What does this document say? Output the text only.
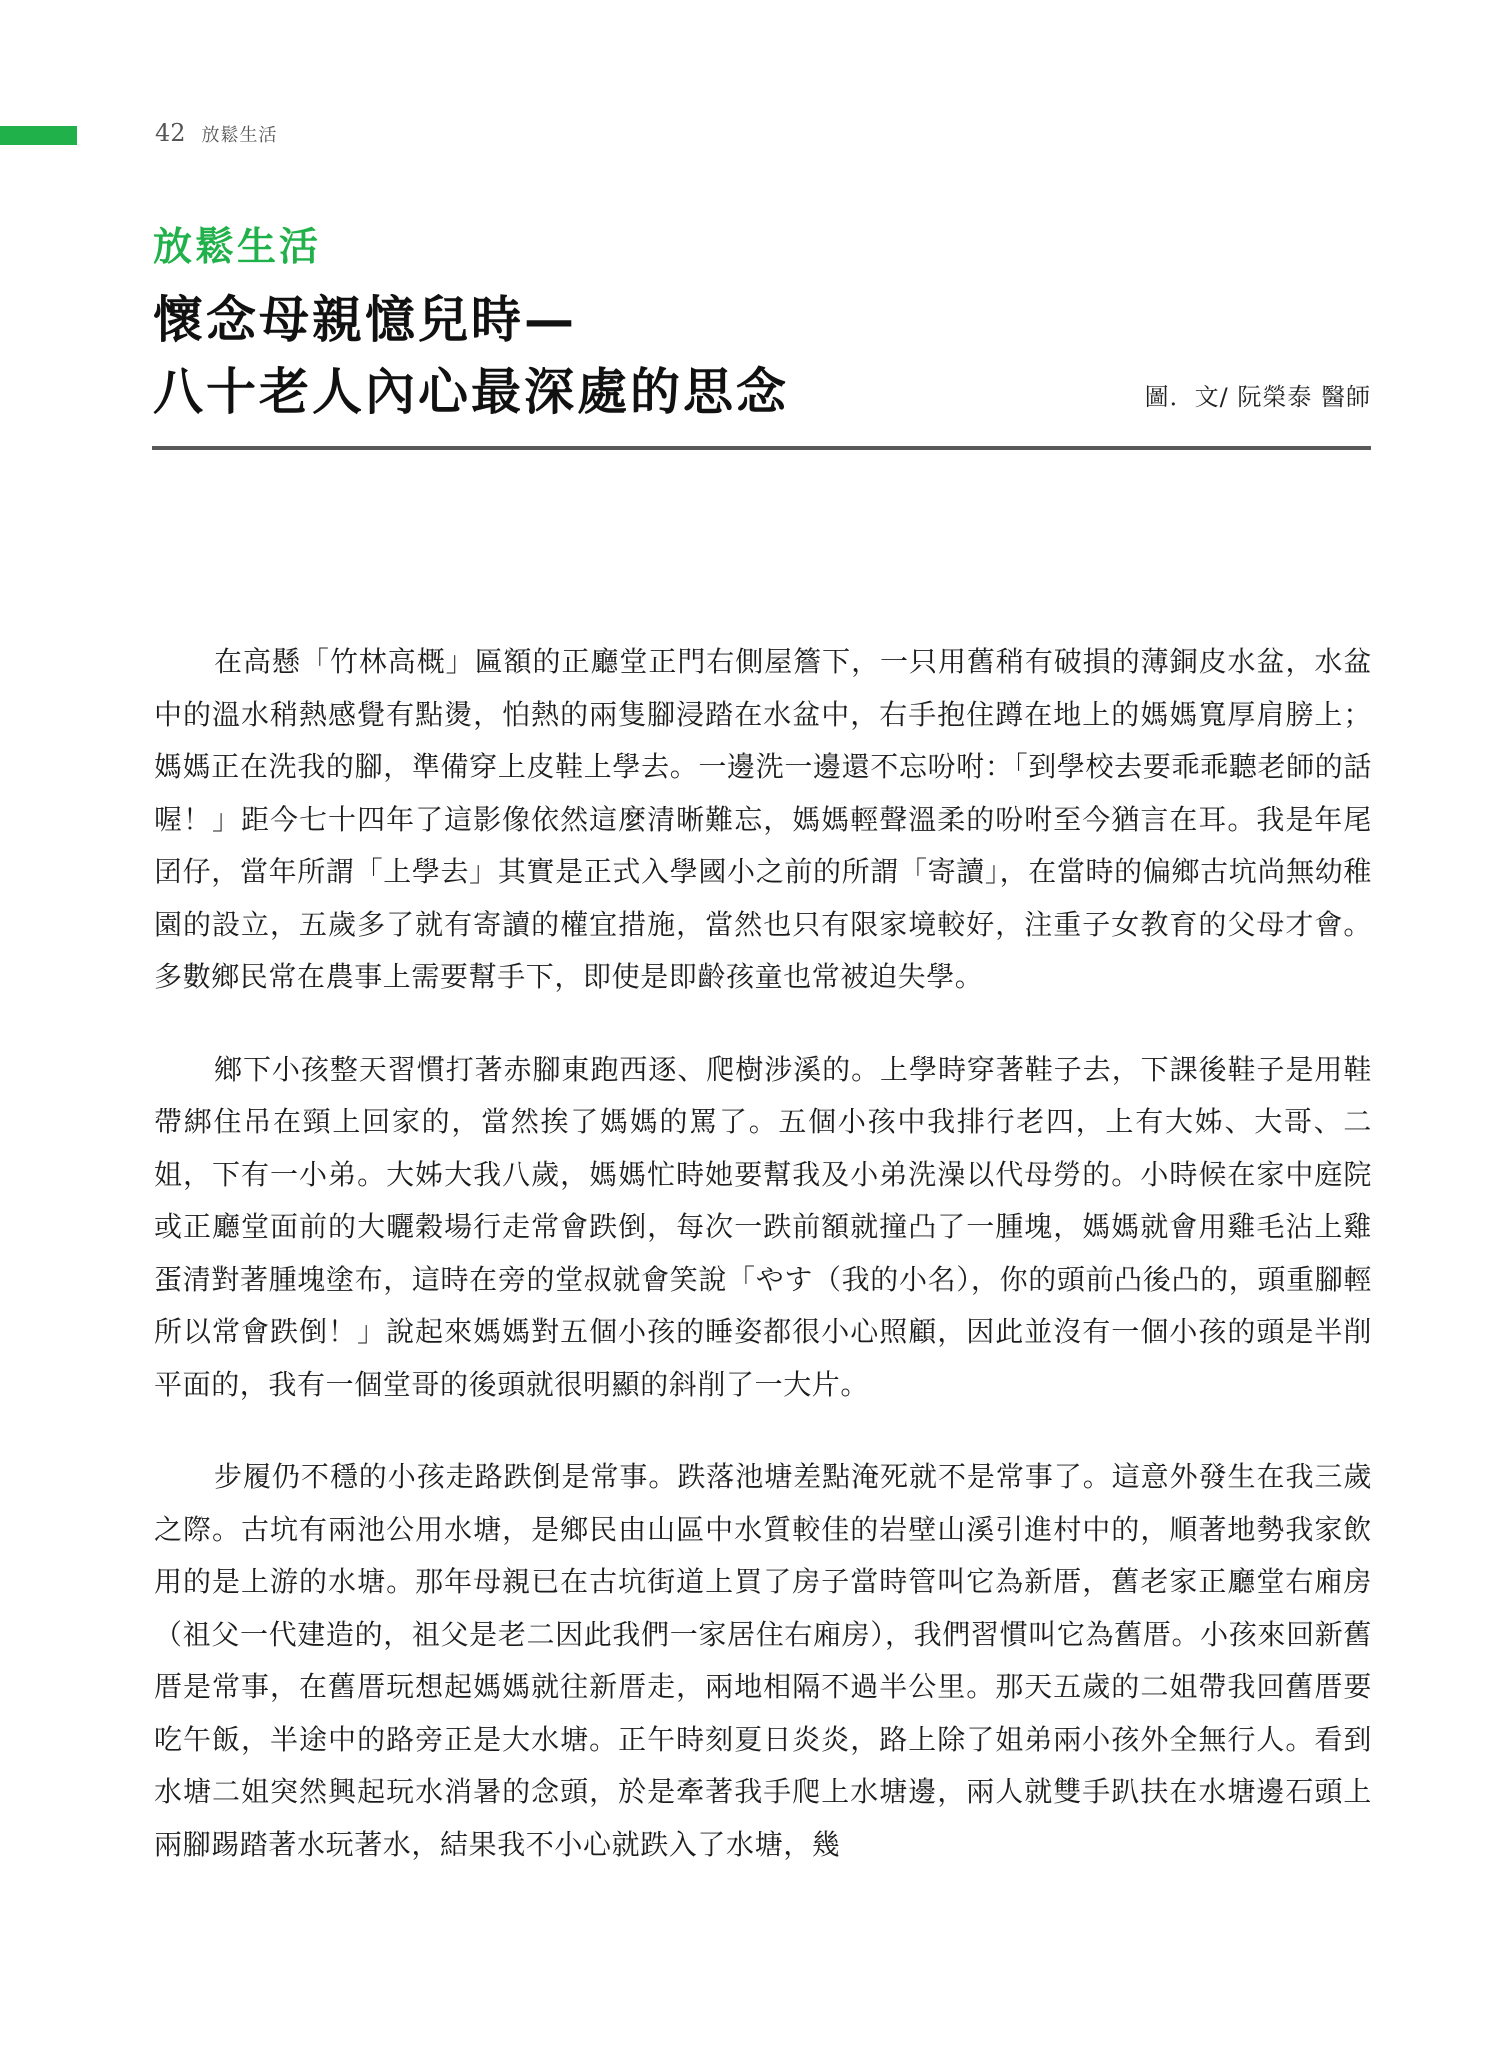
42 放鬆生活
放鬆生活
懷念母親憶兒時—
八十老人內心最深處的思念	圖．文/ 阮榮泰 醫師

在高懸「竹林高概」匾額的正廳堂正門右側屋簷下，一只用舊稍有破損的薄銅皮水盆，水盆中的溫水稍熱感覺有點燙，怕熱的兩隻腳浸踏在水盆中，右手抱住蹲在地上的媽媽寬厚肩膀上；媽媽正在洗我的腳，準備穿上皮鞋上學去。一邊洗一邊還不忘吩咐：「到學校去要乖乖聽老師的話喔！」距今七十四年了這影像依然這麼清晰難忘，媽媽輕聲溫柔的吩咐至今猶言在耳。我是年尾囝仔，當年所謂「上學去」其實是正式入學國小之前的所謂「寄讀」，在當時的偏鄉古坑尚無幼稚園的設立，五歲多了就有寄讀的權宜措施，當然也只有限家境較好，注重子女教育的父母才會。多數鄉民常在農事上需要幫手下，即使是即齡孩童也常被迫失學。

鄉下小孩整天習慣打著赤腳東跑西逐、爬樹涉溪的。上學時穿著鞋子去，下課後鞋子是用鞋帶綁住吊在頸上回家的，當然挨了媽媽的罵了。五個小孩中我排行老四，上有大姊、大哥、二姐，下有一小弟。大姊大我八歲，媽媽忙時她要幫我及小弟洗澡以代母勞的。小時候在家中庭院或正廳堂面前的大曬穀場行走常會跌倒，每次一跌前額就撞凸了一腫塊，媽媽就會用雞毛沾上雞蛋清對著腫塊塗布，這時在旁的堂叔就會笑說「やす（我的小名），你的頭前凸後凸的，頭重腳輕所以常會跌倒！」說起來媽媽對五個小孩的睡姿都很小心照顧，因此並沒有一個小孩的頭是半削平面的，我有一個堂哥的後頭就很明顯的斜削了一大片。

步履仍不穩的小孩走路跌倒是常事。跌落池塘差點淹死就不是常事了。這意外發生在我三歲之際。古坑有兩池公用水塘，是鄉民由山區中水質較佳的岩壁山溪引進村中的，順著地勢我家飲用的是上游的水塘。那年母親已在古坑街道上買了房子當時管叫它為新厝，舊老家正廳堂右廂房（祖父一代建造的，祖父是老二因此我們一家居住右廂房），我們習慣叫它為舊厝。小孩來回新舊厝是常事，在舊厝玩想起媽媽就往新厝走，兩地相隔不過半公里。那天五歲的二姐帶我回舊厝要吃午飯，半途中的路旁正是大水塘。正午時刻夏日炎炎，路上除了姐弟兩小孩外全無行人。看到水塘二姐突然興起玩水消暑的念頭，於是牽著我手爬上水塘邊，兩人就雙手趴扶在水塘邊石頭上兩腳踢踏著水玩著水，結果我不小心就跌入了水塘，幾
